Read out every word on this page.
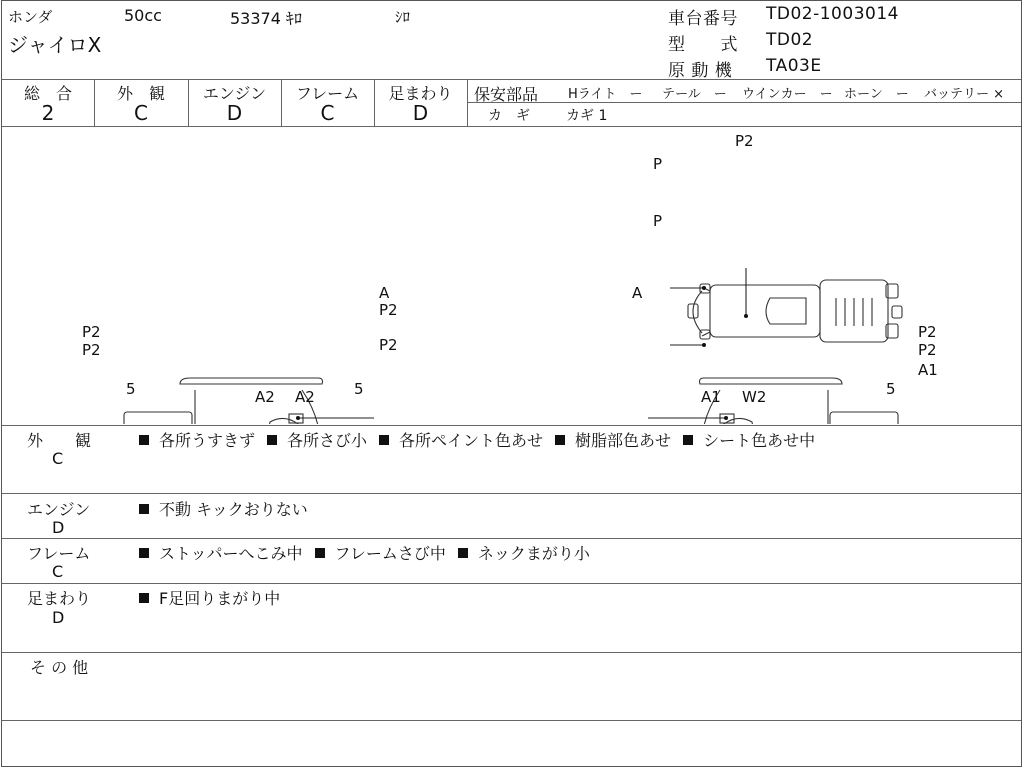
ホンダ	50cc	53374 ｷﾛ	ｼﾛ
ジャイロX
車台番号 TD02-1003014
型　　式 TD02
原 動 機 TA03E
総　合
2
外　観
C
エンジン
D
フレーム
C
足まわり
D
保安部品 Hライト　ー テール　ー ウインカー　ー ホーン　ー バッテリー ×
カ　ギ	カギ 1
P2
P
P
A
P2
P2
P2	P2
5	5
A2 A2
A
P2
P2
A1
5
A1 W2
外　　観
C
各所うすきず 各所さび小 各所ペイント色あせ 樹脂部色あせ シート色あせ中
エンジン
D
不動 キックおりない
フレーム
C
ストッパーへこみ中 フレームさび中 ネックまがり小
足まわり
D
F足回りまがり中
そ の 他
